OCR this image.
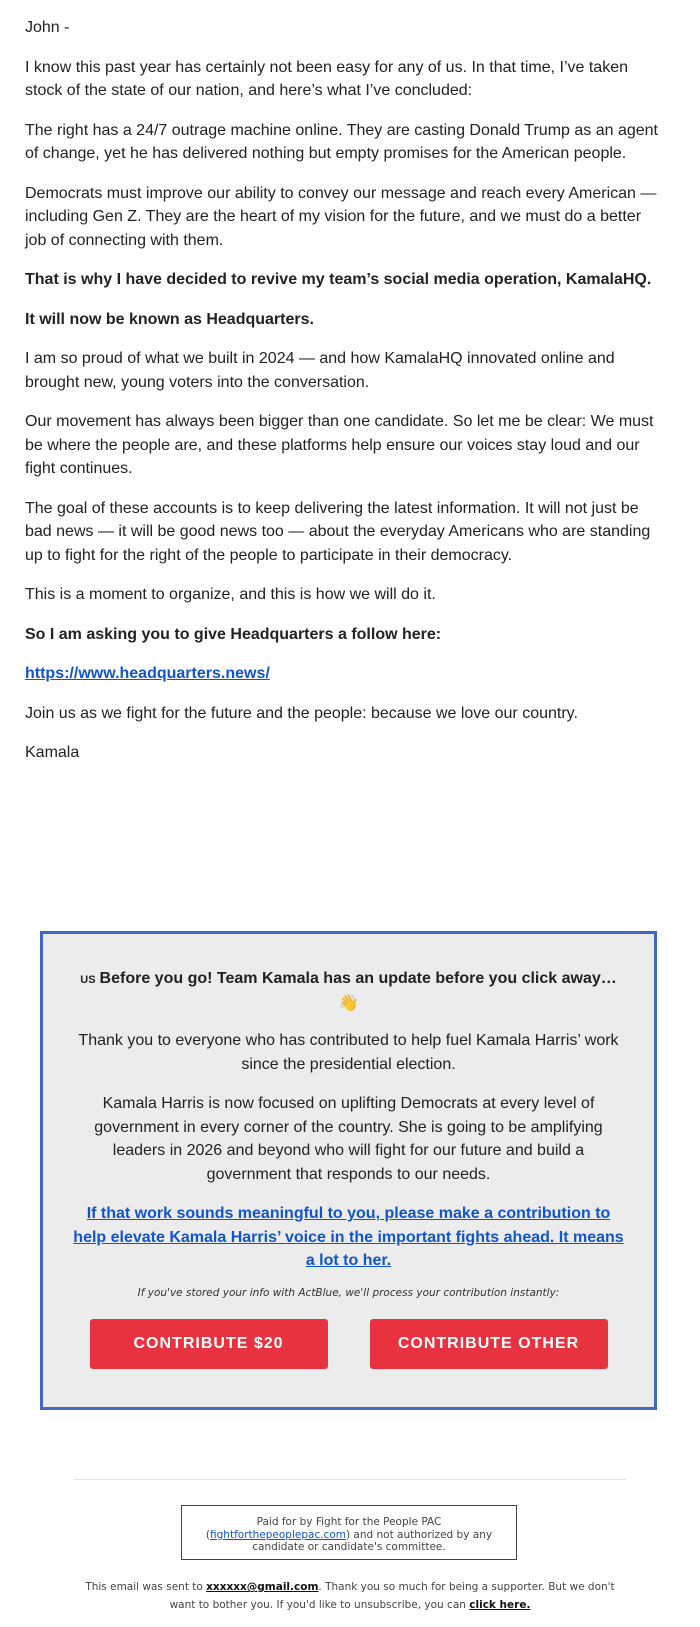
John -

I know this past year has certainly not been easy for any of us. In that time, I’ve taken stock of the state of our nation, and here’s what I’ve concluded:

The right has a 24/7 outrage machine online. They are casting Donald Trump as an agent of change, yet he has delivered nothing but empty promises for the American people.

Democrats must improve our ability to convey our message and reach every American — including Gen Z. They are the heart of my vision for the future, and we must do a better job of connecting with them.

That is why I have decided to revive my team’s social media operation, KamalaHQ.

It will now be known as Headquarters.

I am so proud of what we built in 2024 — and how KamalaHQ innovated online and brought new, young voters into the conversation.

Our movement has always been bigger than one candidate. So let me be clear: We must be where the people are, and these platforms help ensure our voices stay loud and our fight continues.

The goal of these accounts is to keep delivering the latest information. It will not just be bad news — it will be good news too — about the everyday Americans who are standing up to fight for the right of the people to participate in their democracy.

This is a moment to organize, and this is how we will do it.

So I am asking you to give Headquarters a follow here:

https://www.headquarters.news/

Join us as we fight for the future and the people: because we love our country.

Kamala

US Before you go! Team Kamala has an update before you click away…
👋

Thank you to everyone who has contributed to help fuel Kamala Harris’ work since the presidential election.

Kamala Harris is now focused on uplifting Democrats at every level of government in every corner of the country. She is going to be amplifying leaders in 2026 and beyond who will fight for our future and build a government that responds to our needs.

If that work sounds meaningful to you, please make a contribution to help elevate Kamala Harris’ voice in the important fights ahead. It means a lot to her.

If you've stored your info with ActBlue, we'll process your contribution instantly:

CONTRIBUTE $20	CONTRIBUTE OTHER
Paid for by Fight for the People PAC
(fightforthepeoplepac.com) and not authorized by any candidate or candidate's committee.
This email was sent to xxxxxx@gmail.com. Thank you so much for being a supporter. But we don't want to bother you. If you'd like to unsubscribe, you can click here.
